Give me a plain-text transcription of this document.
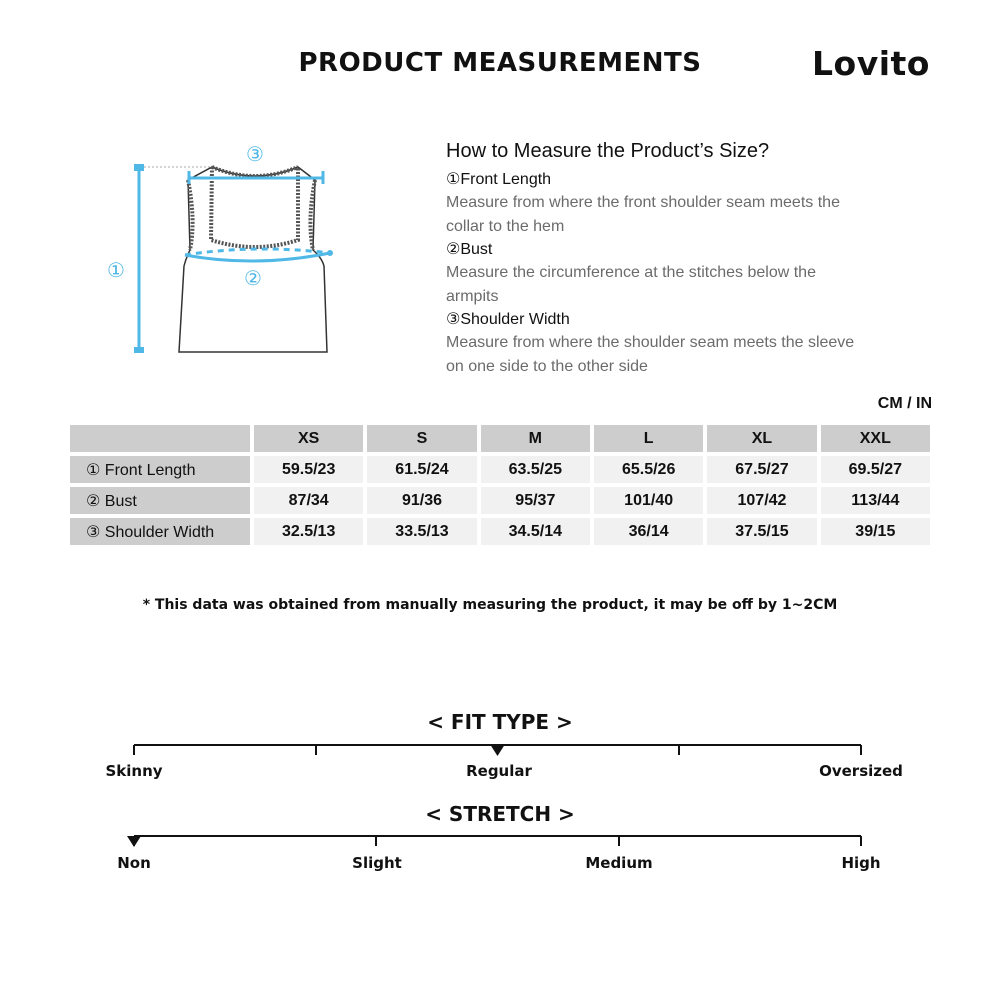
PRODUCT MEASUREMENTS	Lovito
①	②
③	How to Measure the Product’s Size?

①Front Length

Measure from where the front shoulder seam meets the

collar to the hem

②Bust

Measure the circumference at the stitches below the

armpits

③Shoulder Width

Measure from where the shoulder seam meets the sleeve

on one side to the other side

CM / IN
	XS	S	M	L	XL	XXL
① Front Length	59.5/23	61.5/24	63.5/25	65.5/26	67.5/27	69.5/27
② Bust	87/34	91/36	95/37	101/40	107/42	113/44
③ Shoulder Width	32.5/13	33.5/13	34.5/14	36/14	37.5/15	39/15
* This data was obtained from manually measuring the product, it may be off by 1~2CM
< FIT TYPE >
Skinny	Regular	Oversized
< STRETCH >
Non	Slight	Medium	High
